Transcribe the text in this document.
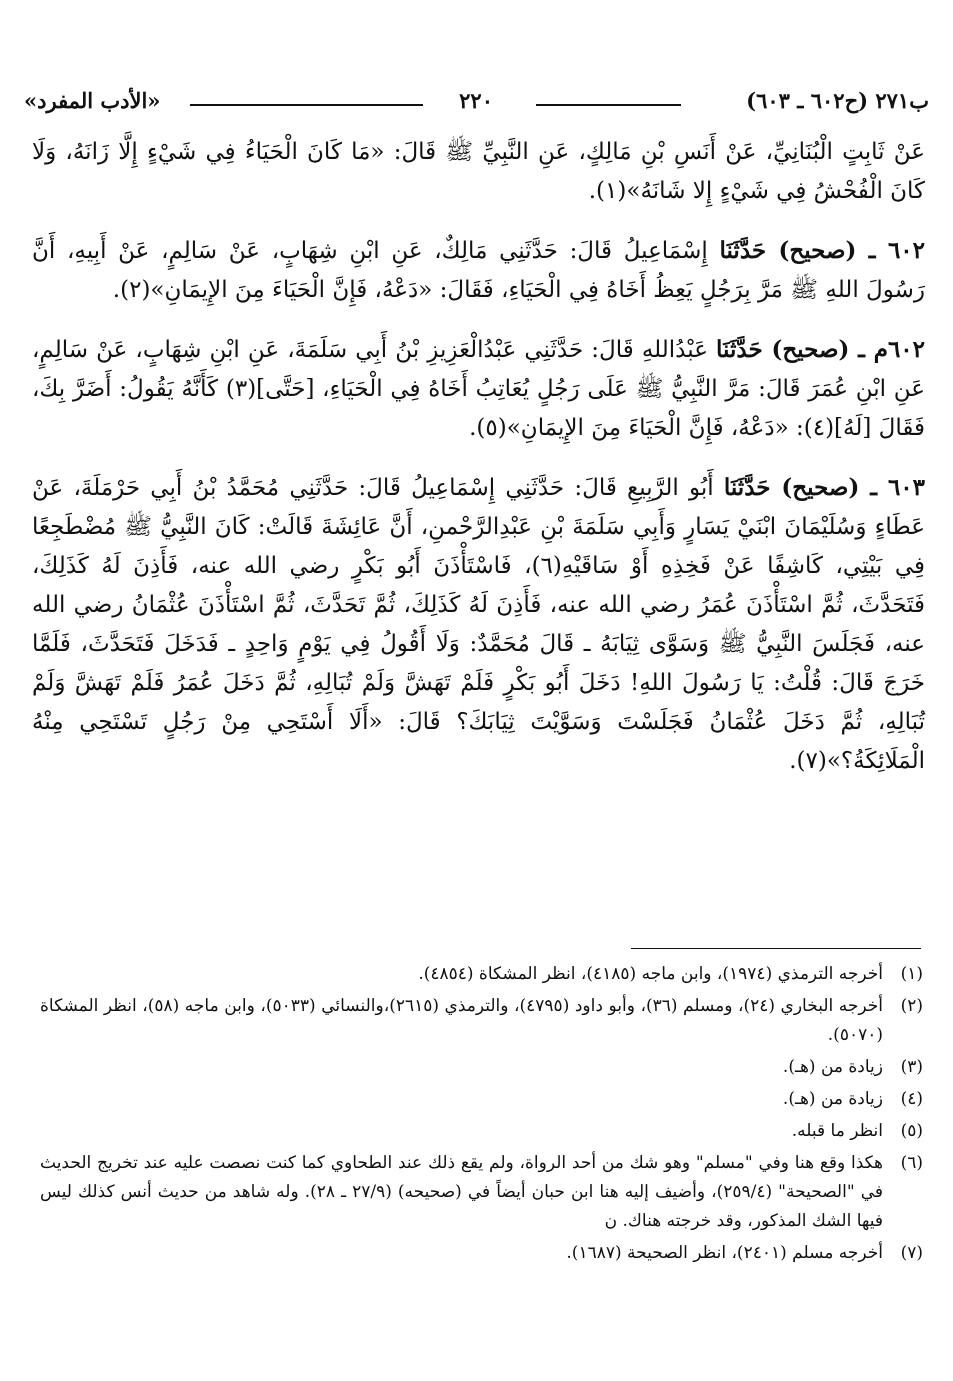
ب٢٧١ (ح٦٠٢ ـ ٦٠٣)
٢٢٠
«الأدب المفرد»

عَنْ ثَابِتٍ الْبُنَانِيِّ، عَنْ أَنَسِ بْنِ مَالِكٍ، عَنِ النَّبِيِّ ﷺ قَالَ: «مَا كَانَ الْحَيَاءُ فِي شَيْءٍ إِلَّا زَانَهُ، وَلَا كَانَ الْفُحْشُ فِي شَيْءٍ إِلا شَانَهُ»(١).

٦٠٢ ـ (صحيح) حَدَّثَنَا إِسْمَاعِيلُ قَالَ: حَدَّثَنِي مَالِكٌ، عَنِ ابْنِ شِهَابٍ، عَنْ سَالِمٍ، عَنْ أَبِيهِ، أَنَّ رَسُولَ اللهِ ﷺ مَرَّ بِرَجُلٍ يَعِظُ أَخَاهُ فِي الْحَيَاءِ، فَقَالَ: «دَعْهُ، فَإِنَّ الْحَيَاءَ مِنَ الإِيمَانِ»(٢).

٦٠٢م ـ (صحيح) حَدَّثَنَا عَبْدُاللهِ قَالَ: حَدَّثَنِي عَبْدُالْعَزِيزِ بْنُ أَبِي سَلَمَةَ، عَنِ ابْنِ شِهَابٍ، عَنْ سَالِمٍ، عَنِ ابْنِ عُمَرَ قَالَ: مَرَّ النَّبِيُّ ﷺ عَلَى رَجُلٍ يُعَاتِبُ أَخَاهُ فِي الْحَيَاءِ، [حَتَّى](٣) كَأَنَّهُ يَقُولُ: أَضَرَّ بِكَ، فَقَالَ [لَهُ](٤): «دَعْهُ، فَإِنَّ الْحَيَاءَ مِنَ الإِيمَانِ»(٥).

٦٠٣ ـ (صحيح) حَدَّثَنَا أَبُو الرَّبِيعِ قَالَ: حَدَّثَنِي إِسْمَاعِيلُ قَالَ: حَدَّثَنِي مُحَمَّدُ بْنُ أَبِي حَرْمَلَةَ، عَنْ عَطَاءٍ وَسُلَيْمَانَ ابْنَيْ يَسَارٍ وَأَبِي سَلَمَةَ بْنِ عَبْدِالرَّحْمنِ، أَنَّ عَائِشَةَ قَالَتْ: كَانَ النَّبِيُّ ﷺ مُضْطَجِعًا فِي بَيْتِي، كَاشِفًا عَنْ فَخِذِهِ أَوْ سَاقَيْهِ(٦)، فَاسْتَأْذَنَ أَبُو بَكْرٍ رضي الله عنه، فَأَذِنَ لَهُ كَذَلِكَ، فَتَحَدَّثَ، ثُمَّ اسْتَأْذَنَ عُمَرُ رضي الله عنه، فَأَذِنَ لَهُ كَذَلِكَ، ثُمَّ تَحَدَّثَ، ثُمَّ اسْتَأْذَنَ عُثْمَانُ رضي الله عنه، فَجَلَسَ النَّبِيُّ ﷺ وَسَوَّى ثِيَابَهُ ـ قَالَ مُحَمَّدٌ: وَلَا أَقُولُ فِي يَوْمٍ وَاحِدٍ ـ فَدَخَلَ فَتَحَدَّثَ، فَلَمَّا خَرَجَ قَالَ: قُلْتُ: يَا رَسُولَ اللهِ! دَخَلَ أَبُو بَكْرٍ فَلَمْ تَهَشَّ وَلَمْ تُبَالِهِ، ثُمَّ دَخَلَ عُمَرُ فَلَمْ تَهَشَّ وَلَمْ تُبَالِهِ، ثُمَّ دَخَلَ عُثْمَانُ فَجَلَسْتَ وَسَوَّيْتَ ثِيَابَكَ؟ قَالَ: «أَلَا أَسْتَحِي مِنْ رَجُلٍ تَسْتَحِي مِنْهُ الْمَلَائِكَةُ؟»(٧).

(١)
أخرجه الترمذي (١٩٧٤)، وابن ماجه (٤١٨٥)، انظر المشكاة (٤٨٥٤).
(٢)
أخرجه البخاري (٢٤)، ومسلم (٣٦)، وأبو داود (٤٧٩٥)، والترمذي (٢٦١٥)،والنسائي (٥٠٣٣)، وابن ماجه (٥٨)، انظر المشكاة (٥٠٧٠).
(٣)
زيادة من (هـ).
(٤)
زيادة من (هـ).
(٥)
انظر ما قبله.
(٦)
هكذا وقع هنا وفي "مسلم" وهو شك من أحد الرواة، ولم يقع ذلك عند الطحاوي كما كنت نصصت عليه عند تخريج الحديث في "الصحيحة" (٢٥٩/٤)، وأضيف إليه هنا ابن حبان أيضاً في (صحيحه) (٢٧/٩ ـ ٢٨). وله شاهد من حديث أنس كذلك ليس فيها الشك المذكور، وقد خرجته هناك. ن
(٧)
أخرجه مسلم (٢٤٠١)، انظر الصحيحة (١٦٨٧).
